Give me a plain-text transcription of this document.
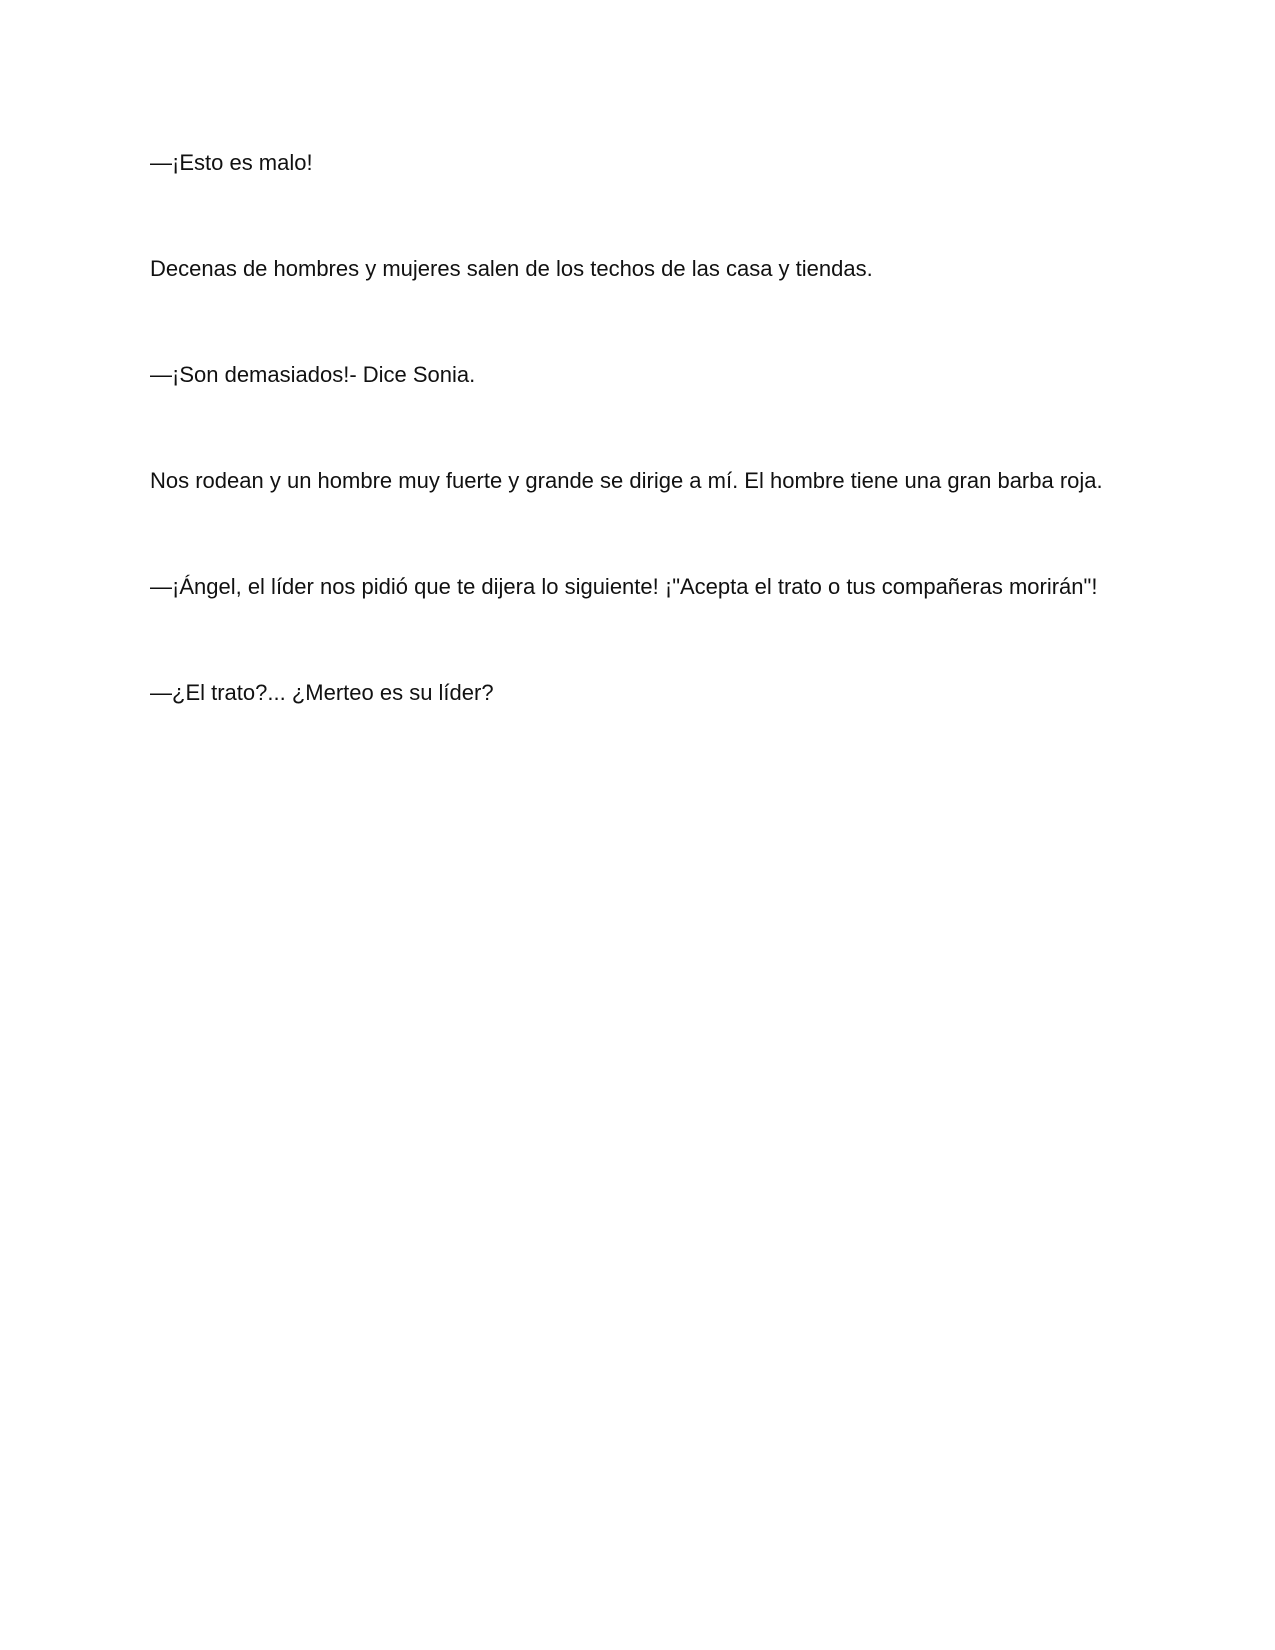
—¡Esto es malo!

Decenas de hombres y mujeres salen de los techos de las casa y tiendas.

—¡Son demasiados!- Dice Sonia.

Nos rodean y un hombre muy fuerte y grande se dirige a mí. El hombre tiene una gran barba roja.

—¡Ángel, el líder nos pidió que te dijera lo siguiente! ¡"Acepta el trato o tus compañeras morirán"!

—¿El trato?... ¿Merteo es su líder?
